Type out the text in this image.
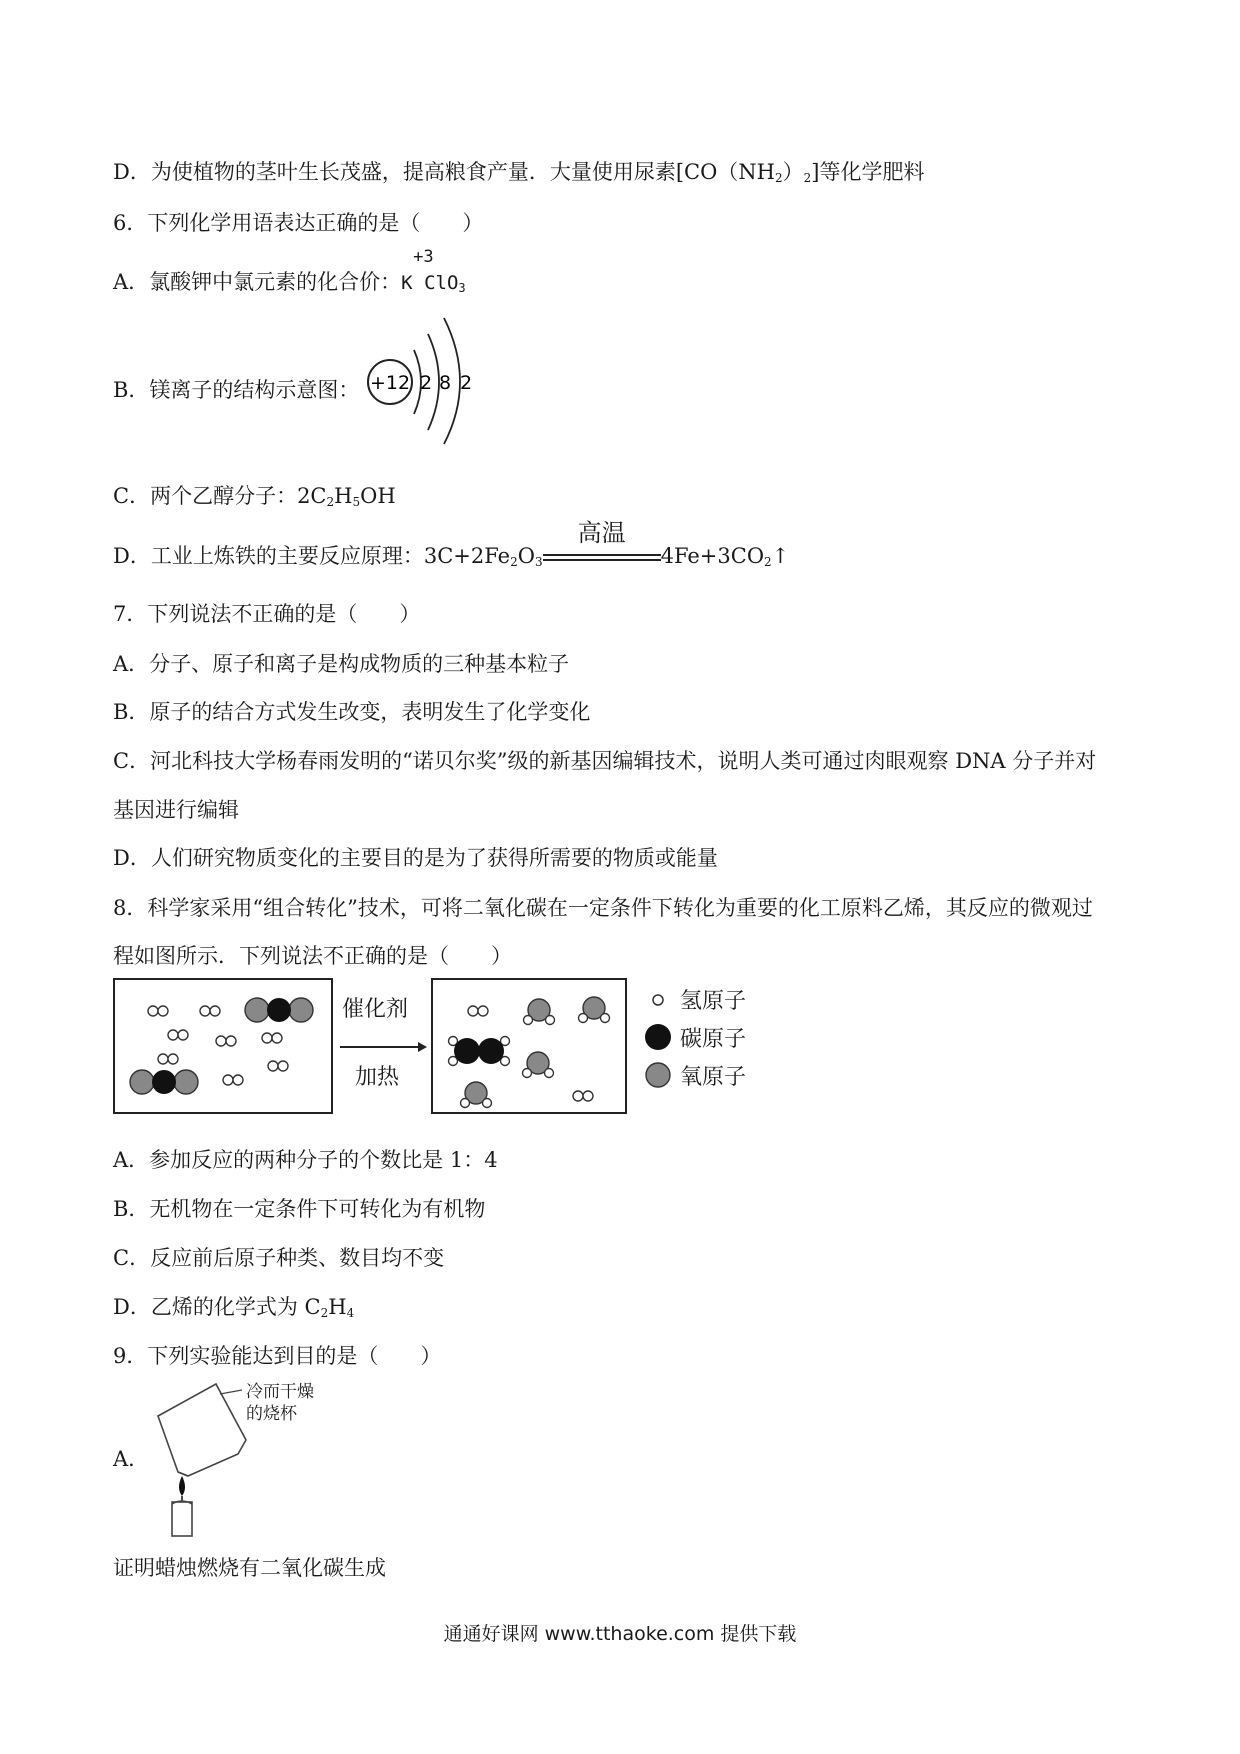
D．为使植物的茎叶生长茂盛，提高粮食产量．大量使用尿素$[CO(NH_2)_2]$等化学肥料
6．下列化学用语表达正确的是（　　）
A．氯酸钾中氯元素的化合价：
+3
K ClO$_3$
B．镁离子的结构示意图： +12 2 8 2
C．两个乙醇分子：$2C_2H_5OH$
D．工业上炼铁的主要反应原理：$3C+2Fe_2O_3$
高温
$4Fe+3CO_2↑$
7．下列说法不正确的是（　　）
A．分子、原子和离子是构成物质的三种基本粒子
B．原子的结合方式发生改变，表明发生了化学变化
C．河北科技大学杨春雨发明的“诺贝尔奖”级的新基因编辑技术，说明人类可通过肉眼观察 DNA 分子并对
基因进行编辑
D．人们研究物质变化的主要目的是为了获得所需要的物质或能量
8．科学家采用“组合转化”技术，可将二氧化碳在一定条件下转化为重要的化工原料乙烯，其反应的微观过
程如图所示．下列说法不正确的是（　　）
催化剂
加热
氢原子
碳原子
氧原子
A．参加反应的两种分子的个数比是 1：4
B．无机物在一定条件下可转化为有机物
C．反应前后原子种类、数目均不变
D．乙烯的化学式为 $C_2H_4$
9．下列实验能达到目的是（　　）
A．
冷而干燥
的烧杯
证明蜡烛燃烧有二氧化碳生成
通通好课网 www.tthaoke.com 提供下载
